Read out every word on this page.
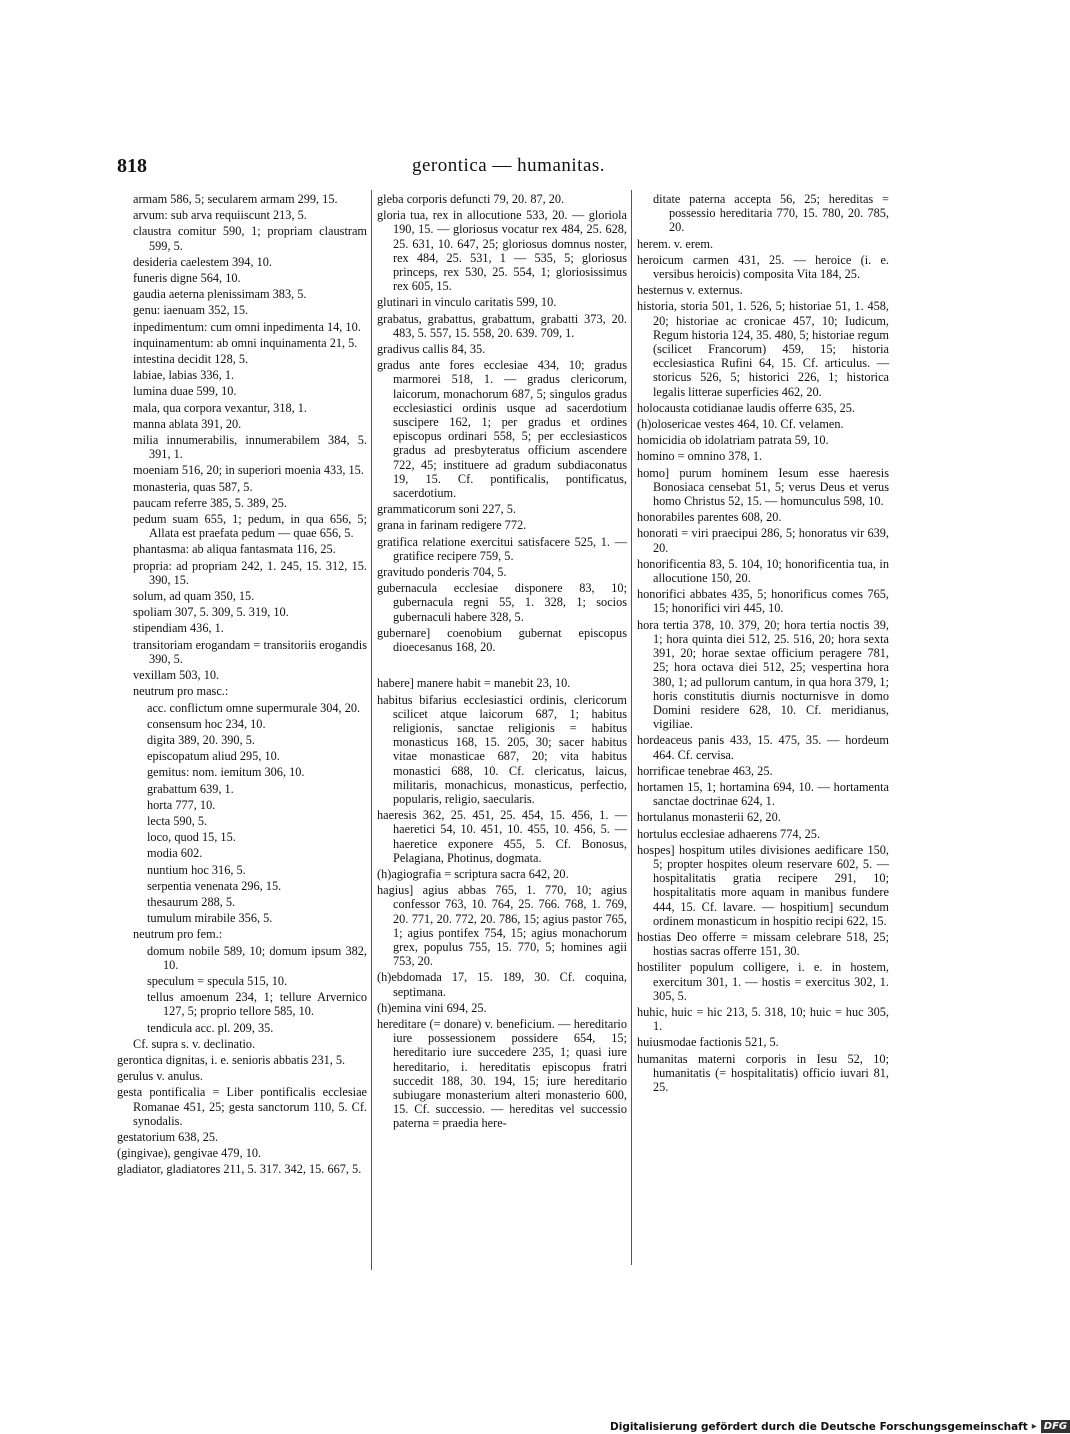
818	gerontica — humanitas.
armam 586, 5; secularem armam 299, 15.
arvum: sub arva requiiscunt 213, 5.
claustra comitur 590, 1; propriam claustram 599, 5.
desideria caelestem 394, 10.
funeris digne 564, 10.
gaudia aeterna plenissimam 383, 5.
genu: iaenuam 352, 15.
inpedimentum: cum omni inpedimenta 14, 10.
inquinamentum: ab omni inquinamenta 21, 5.
intestina decidit 128, 5.
labiae, labias 336, 1.
lumina duae 599, 10.
mala, qua corpora vexantur, 318, 1.
manna ablata 391, 20.
milia innumerabilis, innumerabilem 384, 5. 391, 1.
moeniam 516, 20; in superiori moenia 433, 15.
monasteria, quas 587, 5.
paucam referre 385, 5. 389, 25.
pedum suam 655, 1; pedum, in qua 656, 5; Allata est praefata pedum — quae 656, 5.
phantasma: ab aliqua fantasmata 116, 25.
propria: ad propriam 242, 1. 245, 15. 312, 15. 390, 15.
solum, ad quam 350, 15.
spoliam 307, 5. 309, 5. 319, 10.
stipendiam 436, 1.
transitoriam erogandam = transitoriis erogandis 390, 5.
vexillam 503, 10.
neutrum pro masc.:
acc. conflictum omne supermurale 304, 20.
consensum hoc 234, 10.
digita 389, 20. 390, 5.
episcopatum aliud 295, 10.
gemitus: nom. iemitum 306, 10.
grabattum 639, 1.
horta 777, 10.
lecta 590, 5.
loco, quod 15, 15.
modia 602.
nuntium hoc 316, 5.
serpentia venenata 296, 15.
thesaurum 288, 5.
tumulum mirabile 356, 5.
neutrum pro fem.:
domum nobile 589, 10; domum ipsum 382, 10.
speculum = specula 515, 10.
tellus amoenum 234, 1; tellure Arvernico 127, 5; proprio tellore 585, 10.
tendicula acc. pl. 209, 35.
Cf. supra s. v. declinatio.
gerontica dignitas, i. e. senioris abbatis 231, 5.
gerulus v. anulus.
gesta pontificalia = Liber pontificalis ecclesiae Romanae 451, 25; gesta sanctorum 110, 5. Cf. synodalis.
gestatorium 638, 25.
(gingivae), gengivae 479, 10.
gladiator, gladiatores 211, 5. 317. 342, 15. 667, 5.
gleba corporis defuncti 79, 20. 87, 20.
gloria tua, rex in allocutione 533, 20. — gloriola 190, 15. — gloriosus vocatur rex 484, 25. 628, 25. 631, 10. 647, 25; gloriosus domnus noster, rex 484, 25. 531, 1 — 535, 5; gloriosus princeps, rex 530, 25. 554, 1; gloriosissimus rex 605, 15.
glutinari in vinculo caritatis 599, 10.
grabatus, grabattus, grabattum, grabatti 373, 20. 483, 5. 557, 15. 558, 20. 639. 709, 1.
gradivus callis 84, 35.
gradus ante fores ecclesiae 434, 10; gradus marmorei 518, 1. — gradus clericorum, laicorum, monachorum 687, 5; singulos gradus ecclesiastici ordinis usque ad sacerdotium suscipere 162, 1; per gradus et ordines episcopus ordinari 558, 5; per ecclesiasticos gradus ad presbyteratus officium ascendere 722, 45; instituere ad gradum subdiaconatus 19, 15. Cf. pontificalis, pontificatus, sacerdotium.
grammaticorum soni 227, 5.
grana in farinam redigere 772.
gratifica relatione exercitui satisfacere 525, 1. — gratifice recipere 759, 5.
gravitudo ponderis 704, 5.
gubernacula ecclesiae disponere 83, 10; gubernacula regni 55, 1. 328, 1; socios gubernaculi habere 328, 5.
gubernare] coenobium gubernat episcopus dioecesanus 168, 20.
habere] manere habit = manebit 23, 10.
habitus bifarius ecclesiastici ordinis, clericorum scilicet atque laicorum 687, 1; habitus religionis, sanctae religionis = habitus monasticus 168, 15. 205, 30; sacer habitus vitae monasticae 687, 20; vita habitus monastici 688, 10. Cf. clericatus, laicus, militaris, monachicus, monasticus, perfectio, popularis, religio, saecularis.
haeresis 362, 25. 451, 25. 454, 15. 456, 1. — haeretici 54, 10. 451, 10. 455, 10. 456, 5. — haeretice exponere 455, 5. Cf. Bonosus, Pelagiana, Photinus, dogmata.
(h)agiografia = scriptura sacra 642, 20.
hagius] agius abbas 765, 1. 770, 10; agius confessor 763, 10. 764, 25. 766. 768, 1. 769, 20. 771, 20. 772, 20. 786, 15; agius pastor 765, 1; agius pontifex 754, 15; agius monachorum grex, populus 755, 15. 770, 5; homines agii 753, 20.
(h)ebdomada 17, 15. 189, 30. Cf. coquina, septimana.
(h)emina vini 694, 25.
hereditare (= donare) v. beneficium. — hereditario iure possessionem possidere 654, 15; hereditario iure succedere 235, 1; quasi iure hereditario, i. hereditatis episcopus fratri succedit 188, 30. 194, 15; iure hereditario subiugare monasterium alteri monasterio 600, 15. Cf. successio. — hereditas vel successio paterna = praedia here-
ditate paterna accepta 56, 25; hereditas = possessio hereditaria 770, 15. 780, 20. 785, 20.
herem. v. erem.
heroicum carmen 431, 25. — heroice (i. e. versibus heroicis) composita Vita 184, 25.
hesternus v. externus.
historia, storia 501, 1. 526, 5; historiae 51, 1. 458, 20; historiae ac cronicae 457, 10; Iudicum, Regum historia 124, 35. 480, 5; historiae regum (scilicet Francorum) 459, 15; historia ecclesiastica Rufini 64, 15. Cf. articulus. — storicus 526, 5; historici 226, 1; historica legalis litterae superficies 462, 20.
holocausta cotidianae laudis offerre 635, 25.
(h)olosericae vestes 464, 10. Cf. velamen.
homicidia ob idolatriam patrata 59, 10.
homino = omnino 378, 1.
homo] purum hominem Iesum esse haeresis Bonosiaca censebat 51, 5; verus Deus et verus homo Christus 52, 15. — homunculus 598, 10.
honorabiles parentes 608, 20.
honorati = viri praecipui 286, 5; honoratus vir 639, 20.
honorificentia 83, 5. 104, 10; honorificentia tua, in allocutione 150, 20.
honorifici abbates 435, 5; honorificus comes 765, 15; honorifici viri 445, 10.
hora tertia 378, 10. 379, 20; hora tertia noctis 39, 1; hora quinta diei 512, 25. 516, 20; hora sexta 391, 20; horae sextae officium peragere 781, 25; hora octava diei 512, 25; vespertina hora 380, 1; ad pullorum cantum, in qua hora 379, 1; horis constitutis diurnis nocturnisve in domo Domini residere 628, 10. Cf. meridianus, vigiliae.
hordeaceus panis 433, 15. 475, 35. — hordeum 464. Cf. cervisa.
horrificae tenebrae 463, 25.
hortamen 15, 1; hortamina 694, 10. — hortamenta sanctae doctrinae 624, 1.
hortulanus monasterii 62, 20.
hortulus ecclesiae adhaerens 774, 25.
hospes] hospitum utiles divisiones aedificare 150, 5; propter hospites oleum reservare 602, 5. — hospitalitatis gratia recipere 291, 10; hospitalitatis more aquam in manibus fundere 444, 15. Cf. lavare. — hospitium] secundum ordinem monasticum in hospitio recipi 622, 15.
hostias Deo offerre = missam celebrare 518, 25; hostias sacras offerre 151, 30.
hostiliter populum colligere, i. e. in hostem, exercitum 301, 1. — hostis = exercitus 302, 1. 305, 5.
huhic, huic = hic 213, 5. 318, 10; huic = huc 305, 1.
huiusmodae factionis 521, 5.
humanitas materni corporis in Iesu 52, 10; humanitatis (= hospitalitatis) officio iuvari 81, 25.
Digitalisierung gefördert durch die Deutsche Forschungsgemeinschaft ▸ DFG
